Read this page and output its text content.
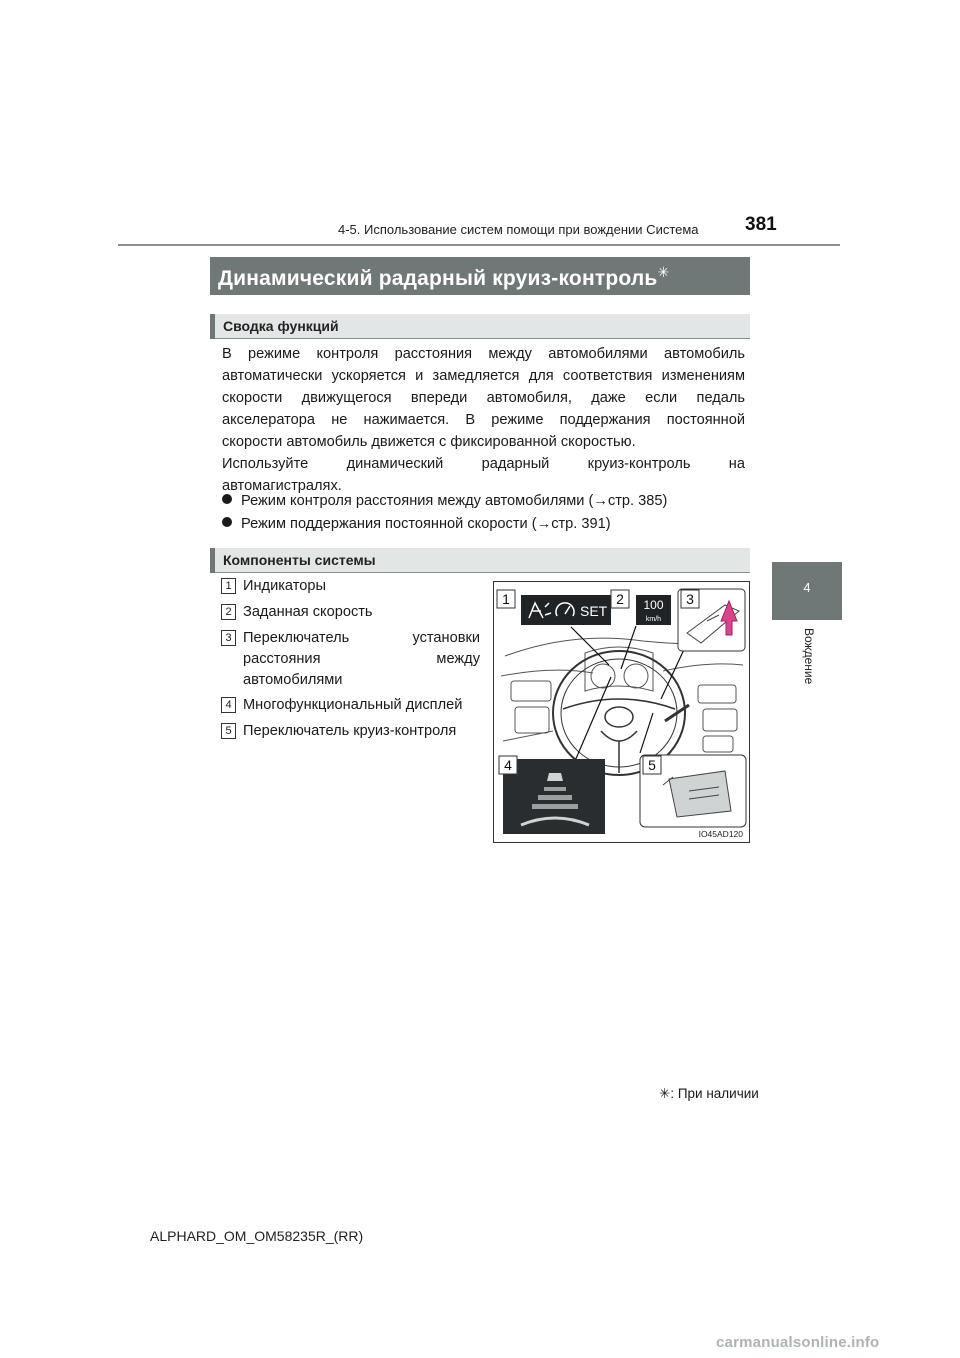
4-5. Использование систем помощи при вождении Система 381
4
Вождение
Динамический радарный круиз-контроль✳
Сводка функций

В режиме контроля расстояния между автомобилями автомобиль

автоматически ускоряется и замедляется для соответствия изменениям

скорости движущегося впереди автомобиля, даже если педаль

акселератора не нажимается. В режиме поддержания постоянной

скорости автомобиль движется с фиксированной скоростью.

Используйте динамический радарный круиз-контроль на

автомагистралях.

Режим контроля расстояния между автомобилями (→стр. 385)
Режим поддержания постоянной скорости (→стр. 391)
Компоненты системы
1 Индикаторы
2 Заданная скорость
3 Переключатель установки
расстояния между
автомобилями
4 Многофункциональный дисплей
5 Переключатель круиз-контроля
SET	100
km/h
1	2	3
4	5
IO45AD120
✳: При наличии
ALPHARD_OM_OM58235R_(RR)
carmanualsonline.info
